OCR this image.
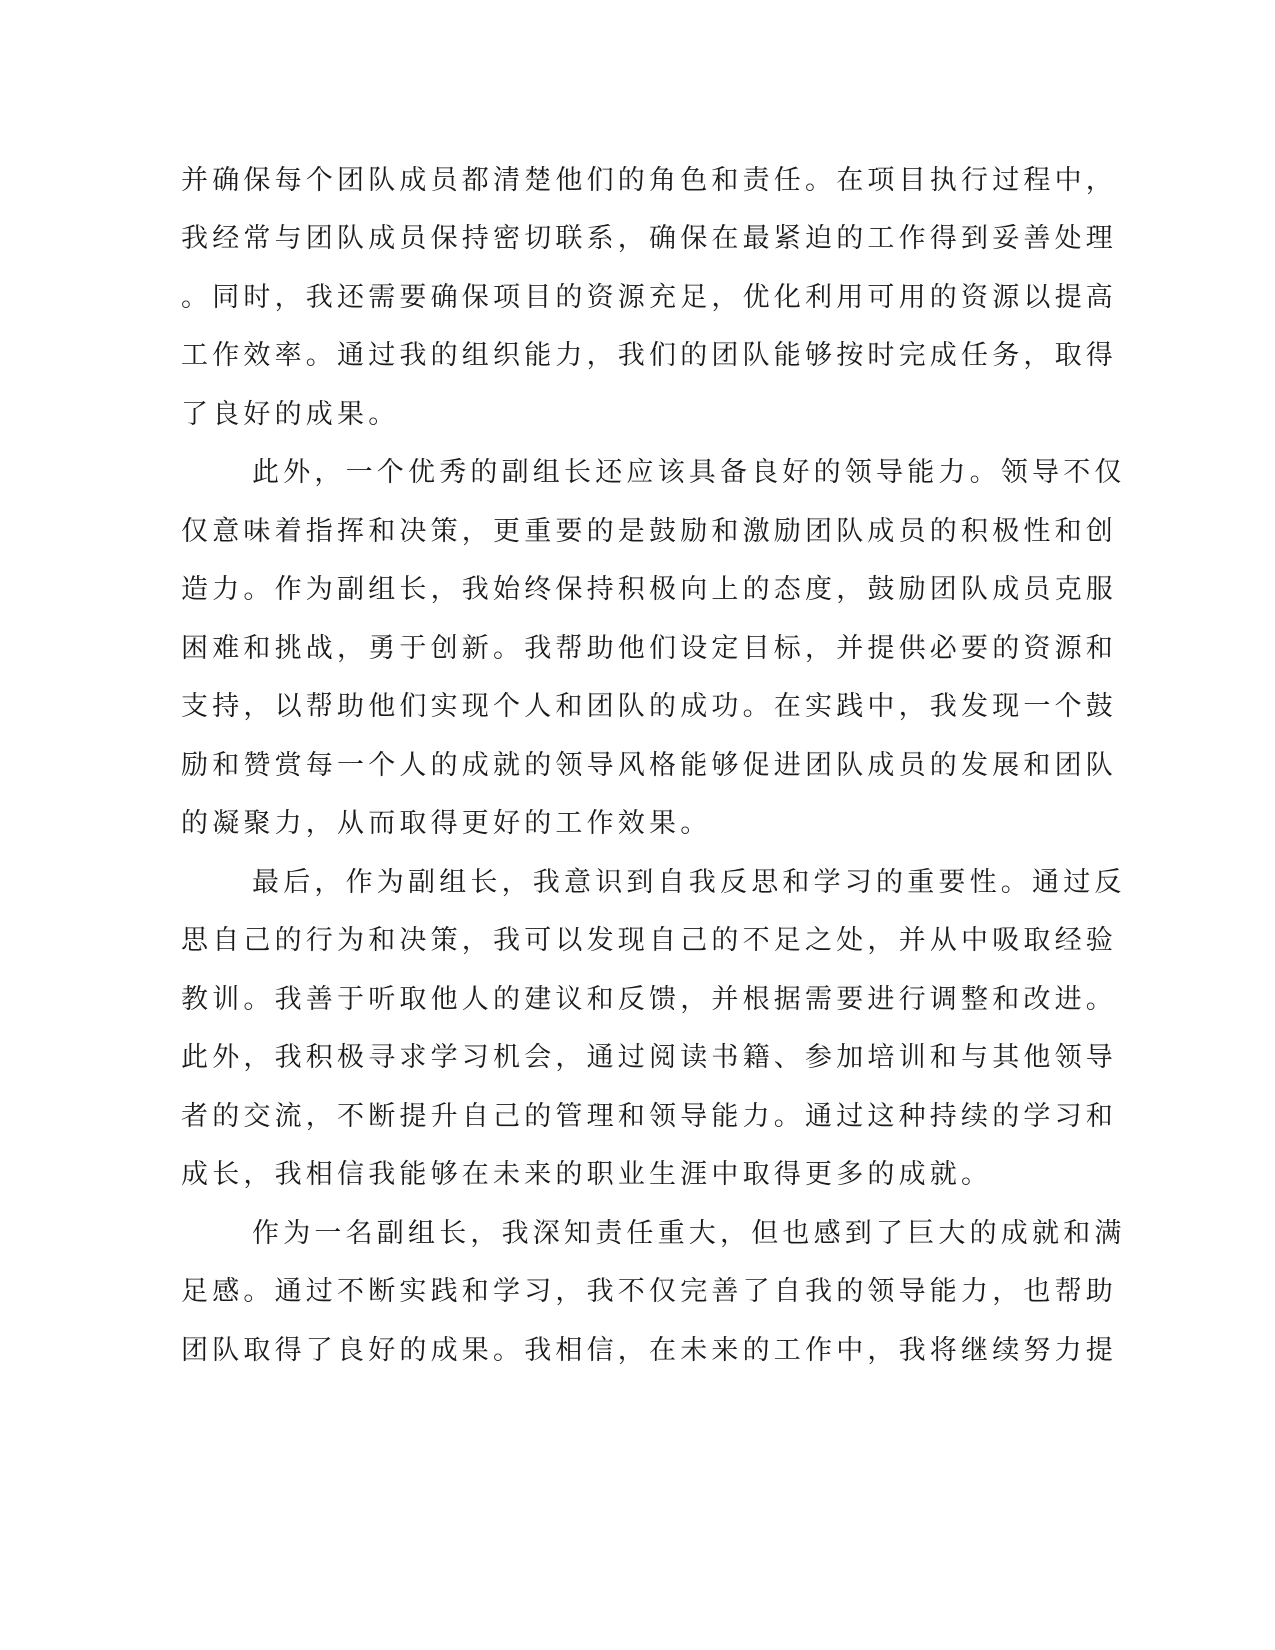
并确保每个团队成员都清楚他们的角色和责任。在项目执行过程中，
我经常与团队成员保持密切联系，确保在最紧迫的工作得到妥善处理
。同时，我还需要确保项目的资源充足，优化利用可用的资源以提高
工作效率。通过我的组织能力，我们的团队能够按时完成任务，取得
了良好的成果。
此外，一个优秀的副组长还应该具备良好的领导能力。领导不仅
仅意味着指挥和决策，更重要的是鼓励和激励团队成员的积极性和创
造力。作为副组长，我始终保持积极向上的态度，鼓励团队成员克服
困难和挑战，勇于创新。我帮助他们设定目标，并提供必要的资源和
支持，以帮助他们实现个人和团队的成功。在实践中，我发现一个鼓
励和赞赏每一个人的成就的领导风格能够促进团队成员的发展和团队
的凝聚力，从而取得更好的工作效果。
最后，作为副组长，我意识到自我反思和学习的重要性。通过反
思自己的行为和决策，我可以发现自己的不足之处，并从中吸取经验
教训。我善于听取他人的建议和反馈，并根据需要进行调整和改进。
此外，我积极寻求学习机会，通过阅读书籍、参加培训和与其他领导
者的交流，不断提升自己的管理和领导能力。通过这种持续的学习和
成长，我相信我能够在未来的职业生涯中取得更多的成就。
作为一名副组长，我深知责任重大，但也感到了巨大的成就和满
足感。通过不断实践和学习，我不仅完善了自我的领导能力，也帮助
团队取得了良好的成果。我相信，在未来的工作中，我将继续努力提
